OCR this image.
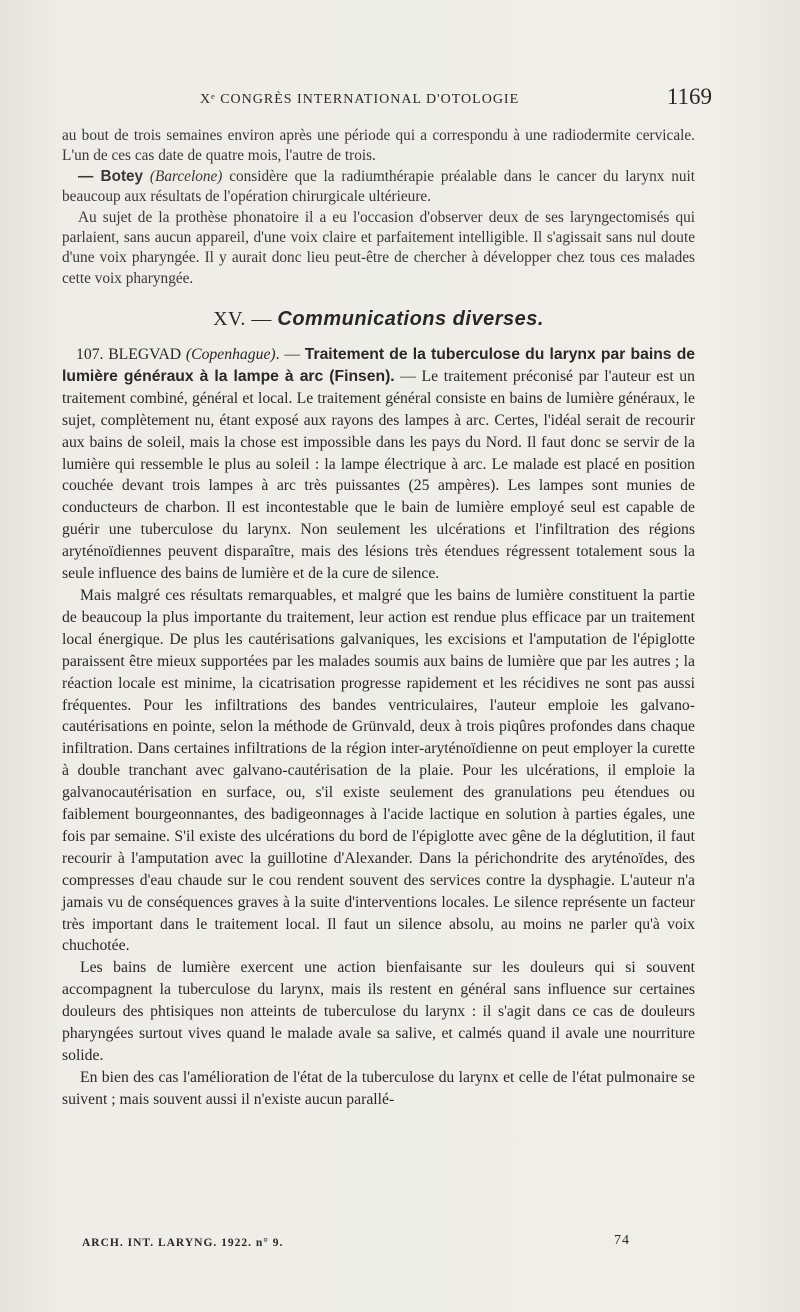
Xᵉ CONGRÈS INTERNATIONAL D'OTOLOGIE	1169

au bout de trois semaines environ après une période qui a correspondu à une radiodermite cervicale. L'un de ces cas date de quatre mois, l'autre de trois.

— Botey (Barcelone) considère que la radiumthérapie préalable dans le cancer du larynx nuit beaucoup aux résultats de l'opération chirurgicale ultérieure.

Au sujet de la prothèse phonatoire il a eu l'occasion d'observer deux de ses laryngectomisés qui parlaient, sans aucun appareil, d'une voix claire et parfaitement intelligible. Il s'agissait sans nul doute d'une voix pharyngée. Il y aurait donc lieu peut-être de chercher à développer chez tous ces malades cette voix pharyngée.

XV. — Communications diverses.

107. BLEGVAD (Copenhague). — Traitement de la tuberculose du larynx par bains de lumière généraux à la lampe à arc (Finsen). — Le traitement préconisé par l'auteur est un traitement combiné, général et local. Le traitement général consiste en bains de lumière généraux, le sujet, complètement nu, étant exposé aux rayons des lampes à arc. Certes, l'idéal serait de recourir aux bains de soleil, mais la chose est impossible dans les pays du Nord. Il faut donc se servir de la lumière qui ressemble le plus au soleil : la lampe électrique à arc. Le malade est placé en position couchée devant trois lampes à arc très puissantes (25 ampères). Les lampes sont munies de conducteurs de charbon. Il est incontestable que le bain de lumière employé seul est capable de guérir une tuberculose du larynx. Non seulement les ulcérations et l'infiltration des régions aryténoïdiennes peuvent disparaître, mais des lésions très étendues régressent totalement sous la seule influence des bains de lumière et de la cure de silence.

Mais malgré ces résultats remarquables, et malgré que les bains de lumière constituent la partie de beaucoup la plus importante du traitement, leur action est rendue plus efficace par un traitement local énergique. De plus les cautérisations galvaniques, les excisions et l'amputation de l'épiglotte paraissent être mieux supportées par les malades soumis aux bains de lumière que par les autres ; la réaction locale est minime, la cicatrisation progresse rapidement et les récidives ne sont pas aussi fréquentes. Pour les infiltrations des bandes ventriculaires, l'auteur emploie les galvano-cautérisations en pointe, selon la méthode de Grünvald, deux à trois piqûres profondes dans chaque infiltration. Dans certaines infiltrations de la région inter-aryténoïdienne on peut employer la curette à double tranchant avec galvano-cautérisation de la plaie. Pour les ulcérations, il emploie la galvanocautérisation en surface, ou, s'il existe seulement des granulations peu étendues ou faiblement bourgeonnantes, des badigeonnages à l'acide lactique en solution à parties égales, une fois par semaine. S'il existe des ulcérations du bord de l'épiglotte avec gêne de la déglutition, il faut recourir à l'amputation avec la guillotine d'Alexander. Dans la périchondrite des aryténoïdes, des compresses d'eau chaude sur le cou rendent souvent des services contre la dysphagie. L'auteur n'a jamais vu de conséquences graves à la suite d'interventions locales. Le silence représente un facteur très important dans le traitement local. Il faut un silence absolu, au moins ne parler qu'à voix chuchotée.

Les bains de lumière exercent une action bienfaisante sur les douleurs qui si souvent accompagnent la tuberculose du larynx, mais ils restent en général sans influence sur certaines douleurs des phtisiques non atteints de tuberculose du larynx : il s'agit dans ce cas de douleurs pharyngées surtout vives quand le malade avale sa salive, et calmés quand il avale une nourriture solide.

En bien des cas l'amélioration de l'état de la tuberculose du larynx et celle de l'état pulmonaire se suivent ; mais souvent aussi il n'existe aucun parallé-

ARCH. INT. LARYNG. 1922. n° 9.	74
